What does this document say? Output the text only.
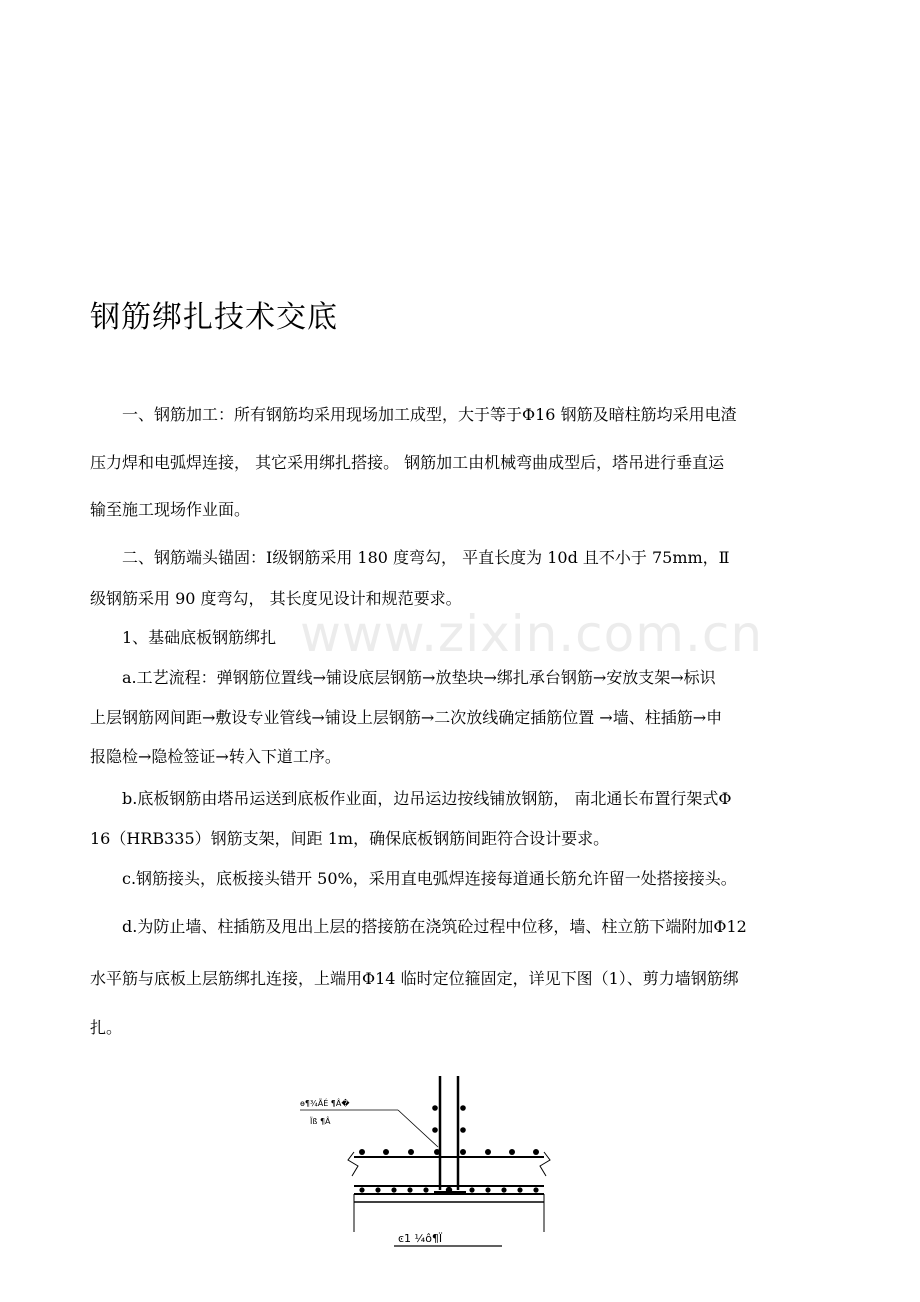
钢筋绑扎技术交底
一、钢筋加工：所有钢筋均采用现场加工成型，大于等于Φ16 钢筋及暗柱筋均采用电渣
压力焊和电弧焊连接， 其它采用绑扎搭接。 钢筋加工由机械弯曲成型后，塔吊进行垂直运
输至施工现场作业面。
二、钢筋端头锚固：Ⅰ级钢筋采用 180 度弯勾， 平直长度为 10d 且不小于 75mm，Ⅱ
级钢筋采用 90 度弯勾， 其长度见设计和规范要求。
1、基础底板钢筋绑扎
a.工艺流程：弹钢筋位置线→铺设底层钢筋→放垫块→绑扎承台钢筋→安放支架→标识
上层钢筋网间距→敷设专业管线→铺设上层钢筋→二次放线确定插筋位置 →墙、柱插筋→申
报隐检→隐检签证→转入下道工序。
b.底板钢筋由塔吊运送到底板作业面，边吊运边按线铺放钢筋， 南北通长布置行架式Φ
16（HRB335）钢筋支架，间距 1m，确保底板钢筋间距符合设计要求。
c.钢筋接头，底板接头错开 50%，采用直电弧焊连接每道通长筋允许留一处搭接接头。
d.为防止墙、柱插筋及甩出上层的搭接筋在浇筑砼过程中位移，墙、柱立筋下端附加Φ12
水平筋与底板上层筋绑扎连接，上端用Φ14 临时定位箍固定，详见下图（1）、剪力墙钢筋绑
扎。
www.zixin.com.cn
ѳ¶¾ÃÉ ¶Â�
Ïß ¶Â
ͼ1 ¼ô¶Ï
